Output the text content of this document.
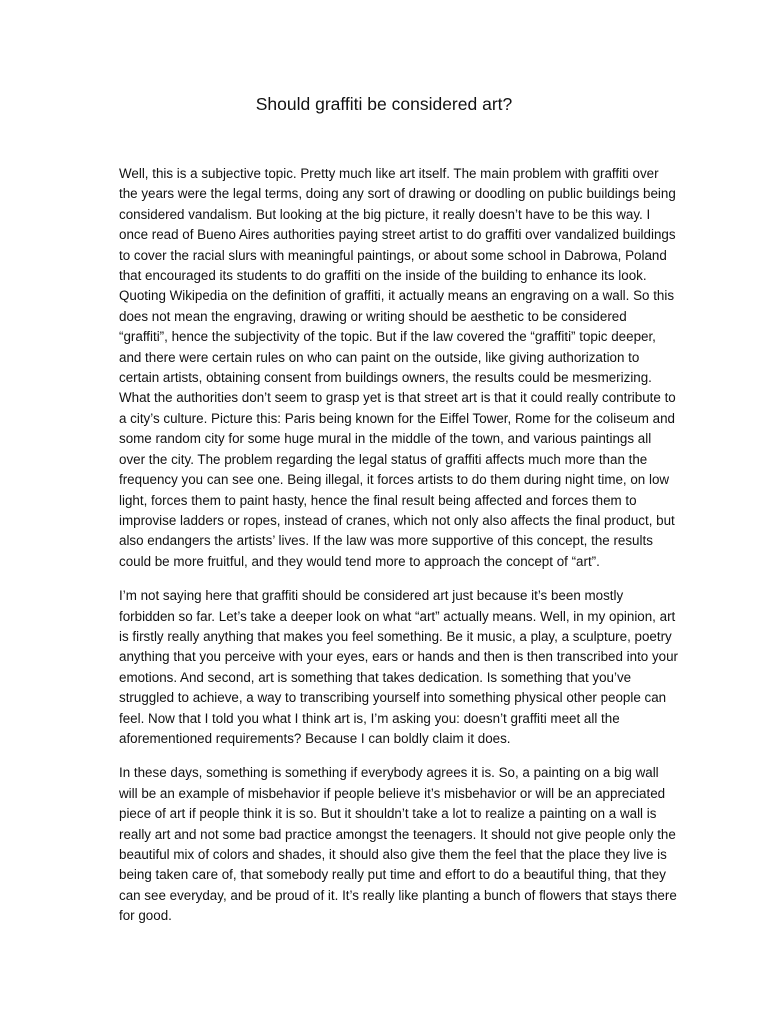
Should graffiti be considered art?

Well, this is a subjective topic. Pretty much like art itself. The main problem with graffiti over the years were the legal terms, doing any sort of drawing or doodling on public buildings being considered vandalism. But looking at the big picture, it really doesn’t have to be this way. I once read of Bueno Aires authorities paying street artist to do graffiti over vandalized buildings to cover the racial slurs with meaningful paintings, or about some school in Dabrowa, Poland that encouraged its students to do graffiti on the inside of the building to enhance its look. Quoting Wikipedia on the definition of graffiti, it actually means an engraving on a wall. So this does not mean the engraving, drawing or writing should be aesthetic to be considered “graffiti”, hence the subjectivity of the topic. But if the law covered the “graffiti” topic deeper, and there were certain rules on who can paint on the outside, like giving authorization to certain artists, obtaining consent from buildings owners, the results could be mesmerizing. What the authorities don’t seem to grasp yet is that street art is that it could really contribute to a city’s culture. Picture this: Paris being known for the Eiffel Tower, Rome for the coliseum and some random city for some huge mural in the middle of the town, and various paintings all over the city. The problem regarding the legal status of graffiti affects much more than the frequency you can see one. Being illegal, it forces artists to do them during night time, on low light, forces them to paint hasty, hence the final result being affected and forces them to improvise ladders or ropes, instead of cranes, which not only also affects the final product, but also endangers the artists’ lives. If the law was more supportive of this concept, the results could be more fruitful, and they would tend more to approach the concept of “art”.

I’m not saying here that graffiti should be considered art just because it’s been mostly forbidden so far. Let’s take a deeper look on what “art” actually means. Well, in my opinion, art is firstly really anything that makes you feel something. Be it music, a play, a sculpture, poetry anything that you perceive with your eyes, ears or hands and then is then transcribed into your emotions. And second, art is something that takes dedication. Is something that you’ve struggled to achieve, a way to transcribing yourself into something physical other people can feel. Now that I told you what I think art is, I’m asking you: doesn’t graffiti meet all the aforementioned requirements? Because I can boldly claim it does.

In these days, something is something if everybody agrees it is. So, a painting on a big wall will be an example of misbehavior if people believe it’s misbehavior or will be an appreciated piece of art if people think it is so. But it shouldn’t take a lot to realize a painting on a wall is really art and not some bad practice amongst the teenagers. It should not give people only the beautiful mix of colors and shades, it should also give them the feel that the place they live is being taken care of, that somebody really put time and effort to do a beautiful thing, that they can see everyday, and be proud of it. It’s really like planting a bunch of flowers that stays there for good.
